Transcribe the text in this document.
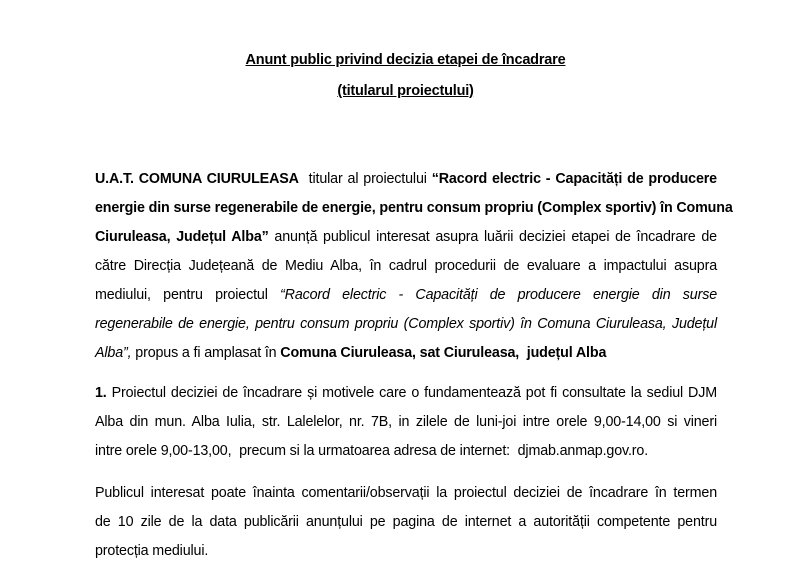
Anunt public privind decizia etapei de încadrare
(titularul proiectului)
U.A.T. COMUNA CIURULEASA  titular al proiectului “Racord electric - Capacități de producere
energie din surse regenerabile de energie, pentru consum propriu (Complex sportiv) în Comuna
Ciuruleasa, Județul Alba” anunță publicul interesat asupra luării deciziei etapei de încadrare de
către Direcția Județeană de Mediu Alba, în cadrul procedurii de evaluare a impactului asupra
mediului, pentru proiectul “Racord electric - Capacități de producere energie din surse
regenerabile de energie, pentru consum propriu (Complex sportiv) în Comuna Ciuruleasa, Județul
Alba”, propus a fi amplasat în Comuna Ciuruleasa, sat Ciuruleasa,  județul Alba
1. Proiectul deciziei de încadrare și motivele care o fundamentează pot fi consultate la sediul DJM
Alba din mun. Alba Iulia, str. Lalelelor, nr. 7B, in zilele de luni-joi intre orele 9,00-14,00 si vineri
intre orele 9,00-13,00,  precum si la urmatoarea adresa de internet:  djmab.anmap.gov.ro.
Publicul interesat poate înainta comentarii/observații la proiectul deciziei de încadrare în termen
de 10 zile de la data publicării anunțului pe pagina de internet a autorității competente pentru
protecția mediului.
